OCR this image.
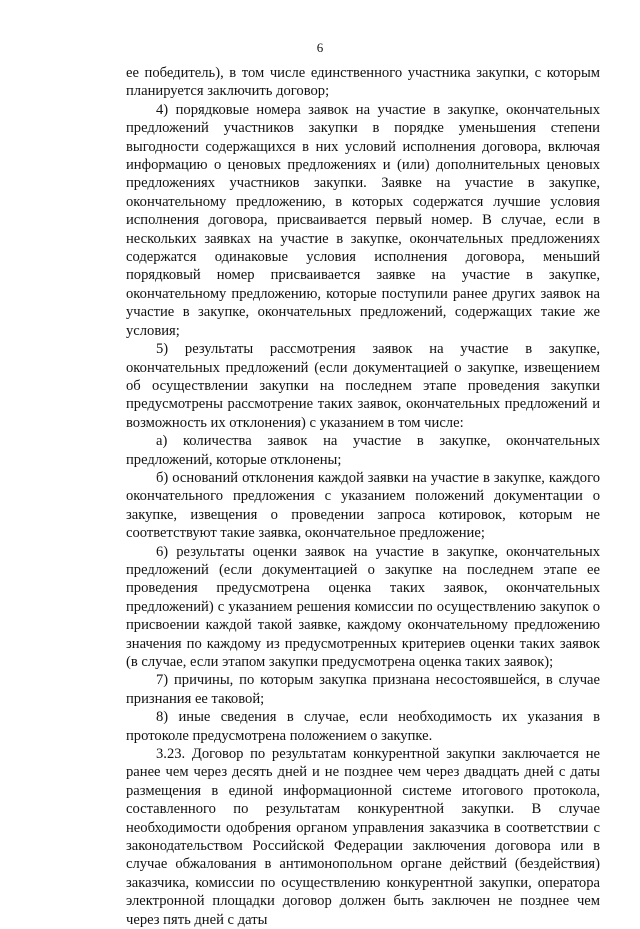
6

ее победитель), в том числе единственного участника закупки, с которым планируется заключить договор;

4) порядковые номера заявок на участие в закупке, окончательных предложений участников закупки в порядке уменьшения степени выгодности содержащихся в них условий исполнения договора, включая информацию о ценовых предложениях и (или) дополнительных ценовых предложениях участников закупки. Заявке на участие в закупке, окончательному предложению, в которых содержатся лучшие условия исполнения договора, присваивается первый номер. В случае, если в нескольких заявках на участие в закупке, окончательных предложениях содержатся одинаковые условия исполнения договора, меньший порядковый номер присваивается заявке на участие в закупке, окончательному предложению, которые поступили ранее других заявок на участие в закупке, окончательных предложений, содержащих такие же условия;

5) результаты рассмотрения заявок на участие в закупке, окончательных предложений (если документацией о закупке, извещением об осуществлении закупки на последнем этапе проведения закупки предусмотрены рассмотрение таких заявок, окончательных предложений и возможность их отклонения) с указанием в том числе:

а) количества заявок на участие в закупке, окончательных предложений, которые отклонены;

б) оснований отклонения каждой заявки на участие в закупке, каждого окончательного предложения с указанием положений документации о закупке, извещения о проведении запроса котировок, которым не соответствуют такие заявка, окончательное предложение;

6) результаты оценки заявок на участие в закупке, окончательных предложений (если документацией о закупке на последнем этапе ее проведения предусмотрена оценка таких заявок, окончательных предложений) с указанием решения комиссии по осуществлению закупок о присвоении каждой такой заявке, каждому окончательному предложению значения по каждому из предусмотренных критериев оценки таких заявок (в случае, если этапом закупки предусмотрена оценка таких заявок);

7) причины, по которым закупка признана несостоявшейся, в случае признания ее таковой;

8) иные сведения в случае, если необходимость их указания в протоколе предусмотрена положением о закупке.

3.23. Договор по результатам конкурентной закупки заключается не ранее чем через десять дней и не позднее чем через двадцать дней с даты размещения в единой информационной системе итогового протокола, составленного по результатам конкурентной закупки. В случае необходимости одобрения органом управления заказчика в соответствии с законодательством Российской Федерации заключения договора или в случае обжалования в антимонопольном органе действий (бездействия) заказчика, комиссии по осуществлению конкурентной закупки, оператора электронной площадки договор должен быть заключен не позднее чем через пять дней с даты
